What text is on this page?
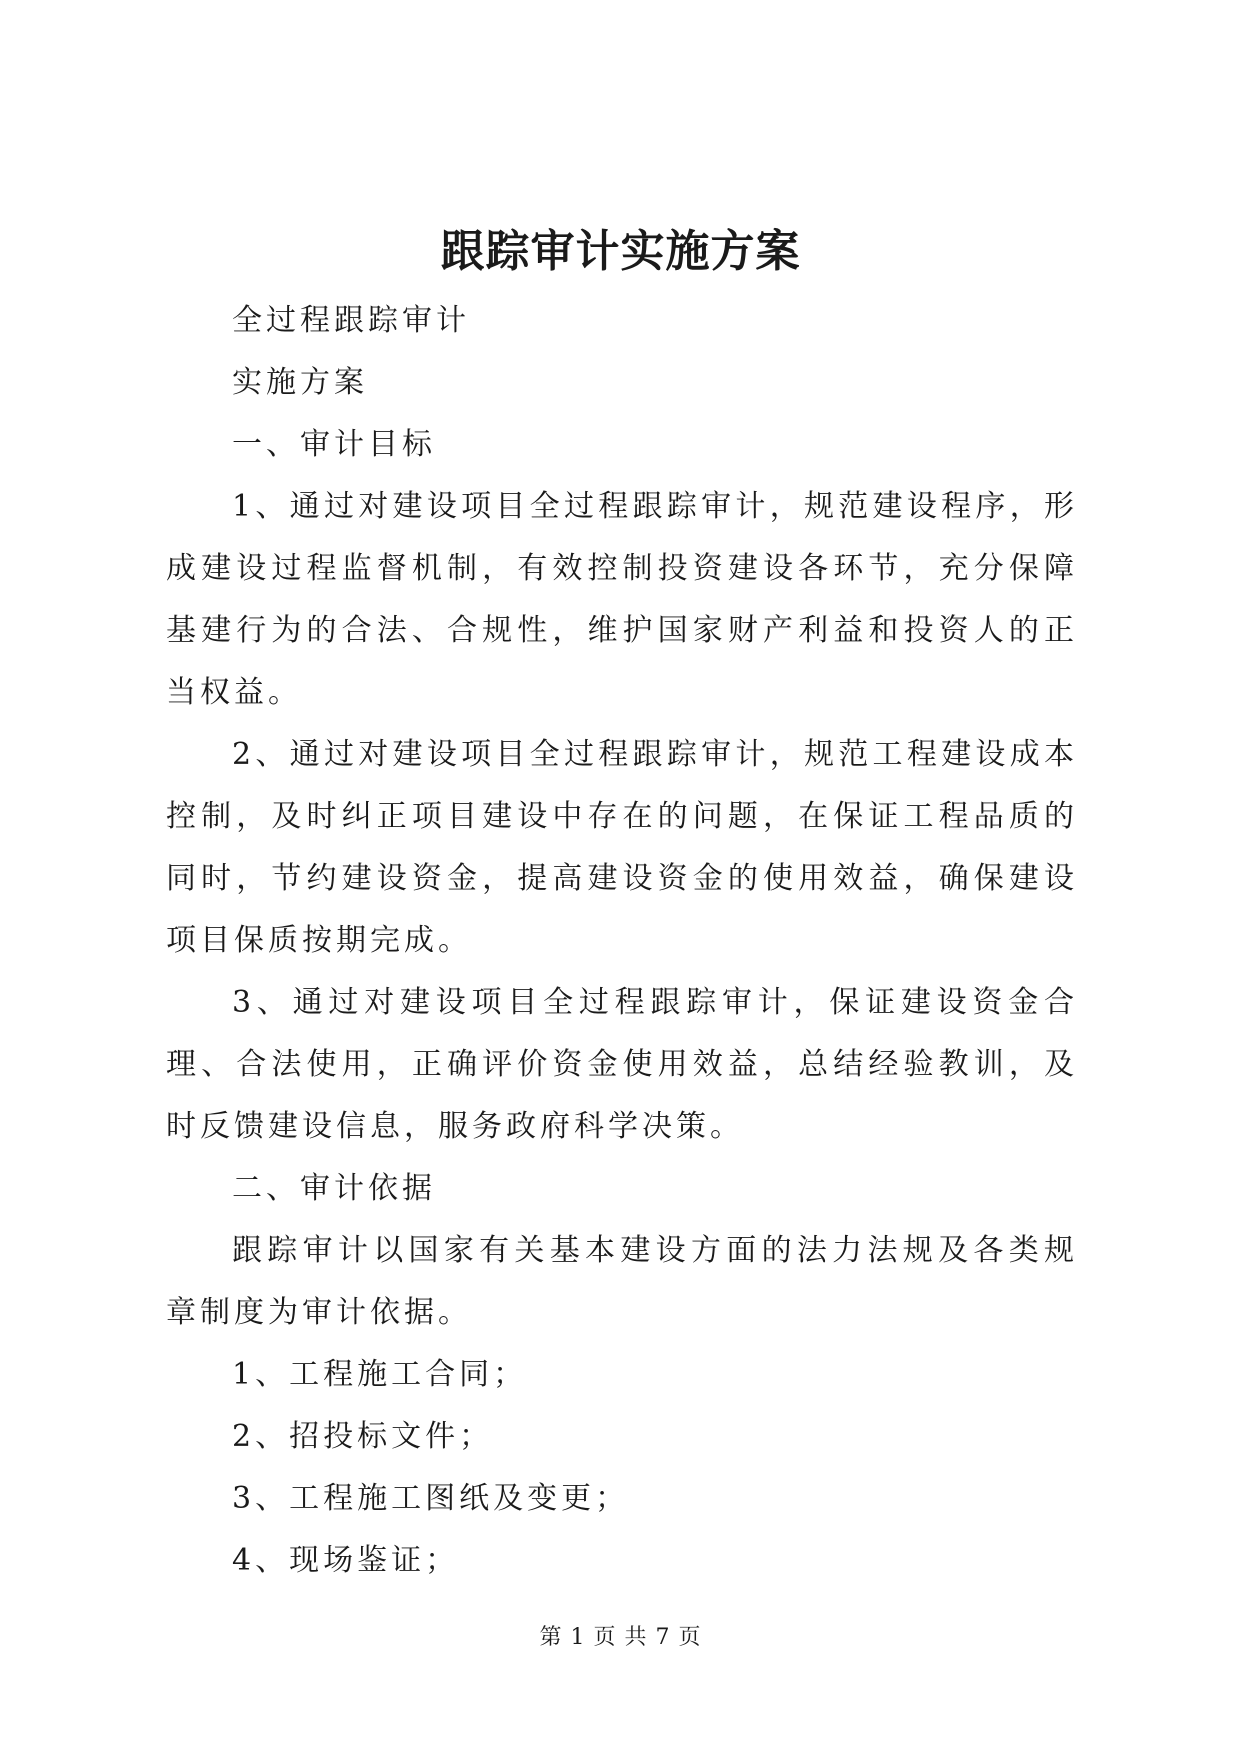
跟踪审计实施方案

全过程跟踪审计

实施方案

一、审计目标

1、通过对建设项目全过程跟踪审计，规范建设程序，形成建设过程监督机制，有效控制投资建设各环节，充分保障基建行为的合法、合规性，维护国家财产利益和投资人的正当权益。

2、通过对建设项目全过程跟踪审计，规范工程建设成本控制，及时纠正项目建设中存在的问题，在保证工程品质的同时，节约建设资金，提高建设资金的使用效益，确保建设项目保质按期完成。

3、通过对建设项目全过程跟踪审计，保证建设资金合理、合法使用，正确评价资金使用效益，总结经验教训，及时反馈建设信息，服务政府科学决策。

二、审计依据

跟踪审计以国家有关基本建设方面的法力法规及各类规章制度为审计依据。

1、工程施工合同；

2、招投标文件；

3、工程施工图纸及变更；

4、现场鉴证；

第 1 页 共 7 页
